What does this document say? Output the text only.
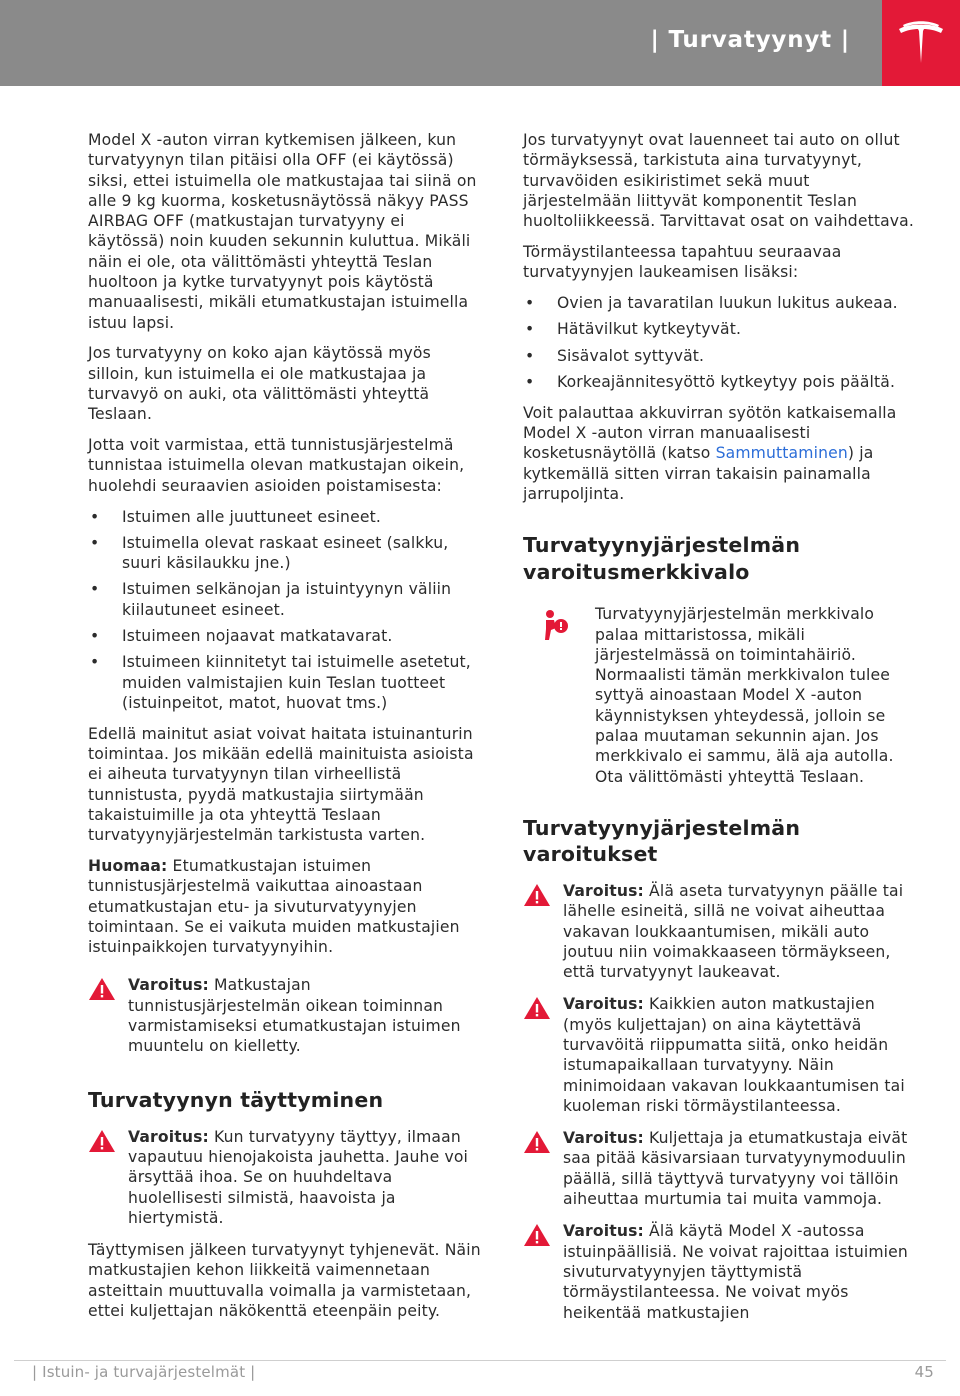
| Turvatyynyt |

Model X -auton virran kytkemisen jälkeen, kun turvatyynyn tilan pitäisi olla OFF (ei käytössä) siksi, ettei istuimella ole matkustajaa tai siinä on alle 9 kg kuorma, kosketusnäytössä näkyy PASS AIRBAG OFF (matkustajan turvatyyny ei käytössä) noin kuuden sekunnin kuluttua. Mikäli näin ei ole, ota välittömästi yhteyttä Teslan huoltoon ja kytke turvatyynyt pois käytöstä manuaalisesti, mikäli etumatkustajan istuimella istuu lapsi.

Jos turvatyyny on koko ajan käytössä myös silloin, kun istuimella ei ole matkustajaa ja turvavyö on auki, ota välittömästi yhteyttä Teslaan.

Jotta voit varmistaa, että tunnistusjärjestelmä tunnistaa istuimella olevan matkustajan oikein, huolehdi seuraavien asioiden poistamisesta:

• Istuimen alle juuttuneet esineet.
• Istuimella olevat raskaat esineet (salkku, suuri käsilaukku jne.)
• Istuimen selkänojan ja istuintyynyn väliin kiilautuneet esineet.
• Istuimeen nojaavat matkatavarat.
• Istuimeen kiinnitetyt tai istuimelle asetetut, muiden valmistajien kuin Teslan tuotteet (istuinpeitot, matot, huovat tms.)

Edellä mainitut asiat voivat haitata istuinanturin toimintaa. Jos mikään edellä mainituista asioista ei aiheuta turvatyynyn tilan virheellistä tunnistusta, pyydä matkustajia siirtymään takaistuimille ja ota yhteyttä Teslaan turvatyynyjärjestelmän tarkistusta varten.

Huomaa: Etumatkustajan istuimen tunnistusjärjestelmä vaikuttaa ainoastaan etumatkustajan etu- ja sivuturvatyynyjen toimintaan. Se ei vaikuta muiden matkustajien istuinpaikkojen turvatyynyihin.

Varoitus: Matkustajan tunnistusjärjestelmän oikean toiminnan varmistamiseksi etumatkustajan istuimen muuntelu on kielletty.
Turvatyynyn täyttyminen
Varoitus: Kun turvatyyny täyttyy, ilmaan vapautuu hienojakoista jauhetta. Jauhe voi ärsyttää ihoa. Se on huuhdeltava huolellisesti silmistä, haavoista ja hiertymistä.

Täyttymisen jälkeen turvatyynyt tyhjenevät. Näin matkustajien kehon liikkeitä vaimennetaan asteittain muuttuvalla voimalla ja varmistetaan, ettei kuljettajan näkökenttä eteenpäin peity.

Jos turvatyynyt ovat lauenneet tai auto on ollut törmäyksessä, tarkistuta aina turvatyynyt, turvavöiden esikiristimet sekä muut järjestelmään liittyvät komponentit Teslan huoltoliikkeessä. Tarvittavat osat on vaihdettava.

Törmäystilanteessa tapahtuu seuraavaa turvatyynyjen laukeamisen lisäksi:

• Ovien ja tavaratilan luukun lukitus aukeaa.
• Hätävilkut kytkeytyvät.
• Sisävalot syttyvät.
• Korkeajännitesyöttö kytkeytyy pois päältä.

Voit palauttaa akkuvirran syötön katkaisemalla Model X -auton virran manuaalisesti kosketusnäytöllä (katso Sammuttaminen) ja kytkemällä sitten virran takaisin painamalla jarrupoljinta.

Turvatyynyjärjestelmän varoitusmerkkivalo
Turvatyynyjärjestelmän merkkivalo palaa mittaristossa, mikäli järjestelmässä on toimintahäiriö. Normaalisti tämän merkkivalon tulee syttyä ainoastaan Model X -auton käynnistyksen yhteydessä, jolloin se palaa muutaman sekunnin ajan. Jos merkkivalo ei sammu, älä aja autolla. Ota välittömästi yhteyttä Teslaan.
Turvatyynyjärjestelmän varoitukset
Varoitus: Älä aseta turvatyynyn päälle tai lähelle esineitä, sillä ne voivat aiheuttaa vakavan loukkaantumisen, mikäli auto joutuu niin voimakkaaseen törmäykseen, että turvatyynyt laukeavat.
Varoitus: Kaikkien auton matkustajien (myös kuljettajan) on aina käytettävä turvavöitä riippumatta siitä, onko heidän istumapaikallaan turvatyyny. Näin minimoidaan vakavan loukkaantumisen tai kuoleman riski törmäystilanteessa.
Varoitus: Kuljettaja ja etumatkustaja eivät saa pitää käsivarsiaan turvatyynymoduulin päällä, sillä täyttyvä turvatyyny voi tällöin aiheuttaa murtumia tai muita vammoja.
Varoitus: Älä käytä Model X -autossa istuinpäällisiä. Ne voivat rajoittaa istuimien sivuturvatyynyjen täyttymistä törmäystilanteessa. Ne voivat myös heikentää matkustajien
| Istuin- ja turvajärjestelmät |	45
